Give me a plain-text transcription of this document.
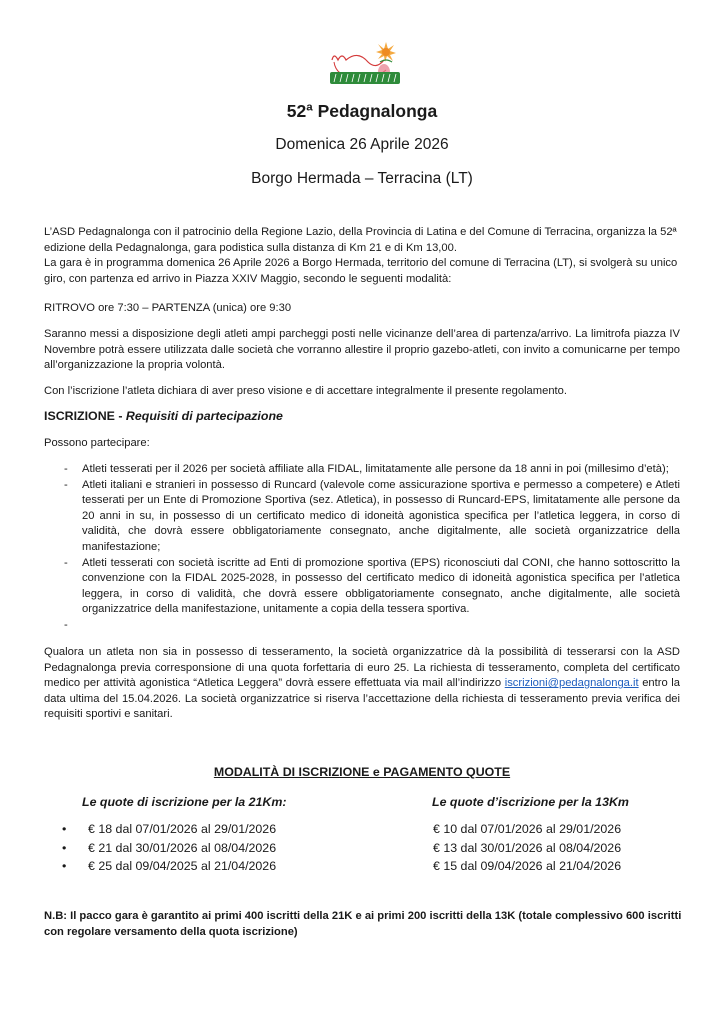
52ª Pedagnalonga
Domenica 26 Aprile 2026
Borgo Hermada – Terracina (LT)
L’ASD Pedagnalonga con il patrocinio della Regione Lazio, della Provincia di Latina e del Comune di Terracina, organizza la 52ª edizione della Pedagnalonga, gara podistica sulla distanza di Km 21 e di Km 13,00.
La gara è in programma domenica 26 Aprile 2026 a Borgo Hermada, territorio del comune di Terracina (LT), si svolgerà su unico giro, con partenza ed arrivo in Piazza XXIV Maggio, secondo le seguenti modalità:
RITROVO ore 7:30 – PARTENZA (unica) ore 9:30
Saranno messi a disposizione degli atleti ampi parcheggi posti nelle vicinanze dell’area di partenza/arrivo. La limitrofa piazza IV Novembre potrà essere utilizzata dalle società che vorranno allestire il proprio gazebo-atleti, con invito a comunicarne per tempo all’organizzazione la propria volontà.
Con l’iscrizione l’atleta dichiara di aver preso visione e di accettare integralmente il presente regolamento.
ISCRIZIONE - Requisiti di partecipazione
Possono partecipare:
- Atleti tesserati per il 2026 per società affiliate alla FIDAL, limitatamente alle persone da 18 anni in poi (millesimo d’età);
- Atleti italiani e stranieri in possesso di Runcard (valevole come assicurazione sportiva e permesso a competere) e Atleti tesserati per un Ente di Promozione Sportiva (sez. Atletica), in possesso di Runcard-EPS, limitatamente alle persone da 20 anni in su, in possesso di un certificato medico di idoneità agonistica specifica per l’atletica leggera, in corso di validità, che dovrà essere obbligatoriamente consegnato, anche digitalmente, alle società organizzatrice della manifestazione;
- Atleti tesserati con società iscritte ad Enti di promozione sportiva (EPS) riconosciuti dal CONI, che hanno sottoscritto la convenzione con la FIDAL 2025-2028, in possesso del certificato medico di idoneità agonistica specifica per l’atletica leggera, in corso di validità, che dovrà essere obbligatoriamente consegnato, anche digitalmente, alle società organizzatrice della manifestazione, unitamente a copia della tessera sportiva.
-
Qualora un atleta non sia in possesso di tesseramento, la società organizzatrice dà la possibilità di tesserarsi con la ASD Pedagnalonga previa corresponsione di una quota forfettaria di euro 25. La richiesta di tesseramento, completa del certificato medico per attività agonistica “Atletica Leggera” dovrà essere effettuata via mail all’indirizzo iscrizioni@pedagnalonga.it entro la data ultima del 15.04.2026. La società organizzatrice si riserva l’accettazione della richiesta di tesseramento previa verifica dei requisiti sportivi e sanitari.
MODALITÀ DI ISCRIZIONE e PAGAMENTO QUOTE
Le quote di iscrizione per la 21Km:	Le quote d’iscrizione per la 13Km
• € 18 dal 07/01/2026 al 29/01/2026
• € 21 dal 30/01/2026 al 08/04/2026
• € 25 dal 09/04/2025 al 21/04/2026
€ 10 dal 07/01/2026 al 29/01/2026
€ 13 dal 30/01/2026 al 08/04/2026
€ 15 dal 09/04/2026 al 21/04/2026
N.B: Il pacco gara è garantito ai primi 400 iscritti della 21K e ai primi 200 iscritti della 13K (totale complessivo 600 iscritti con regolare versamento della quota iscrizione)
